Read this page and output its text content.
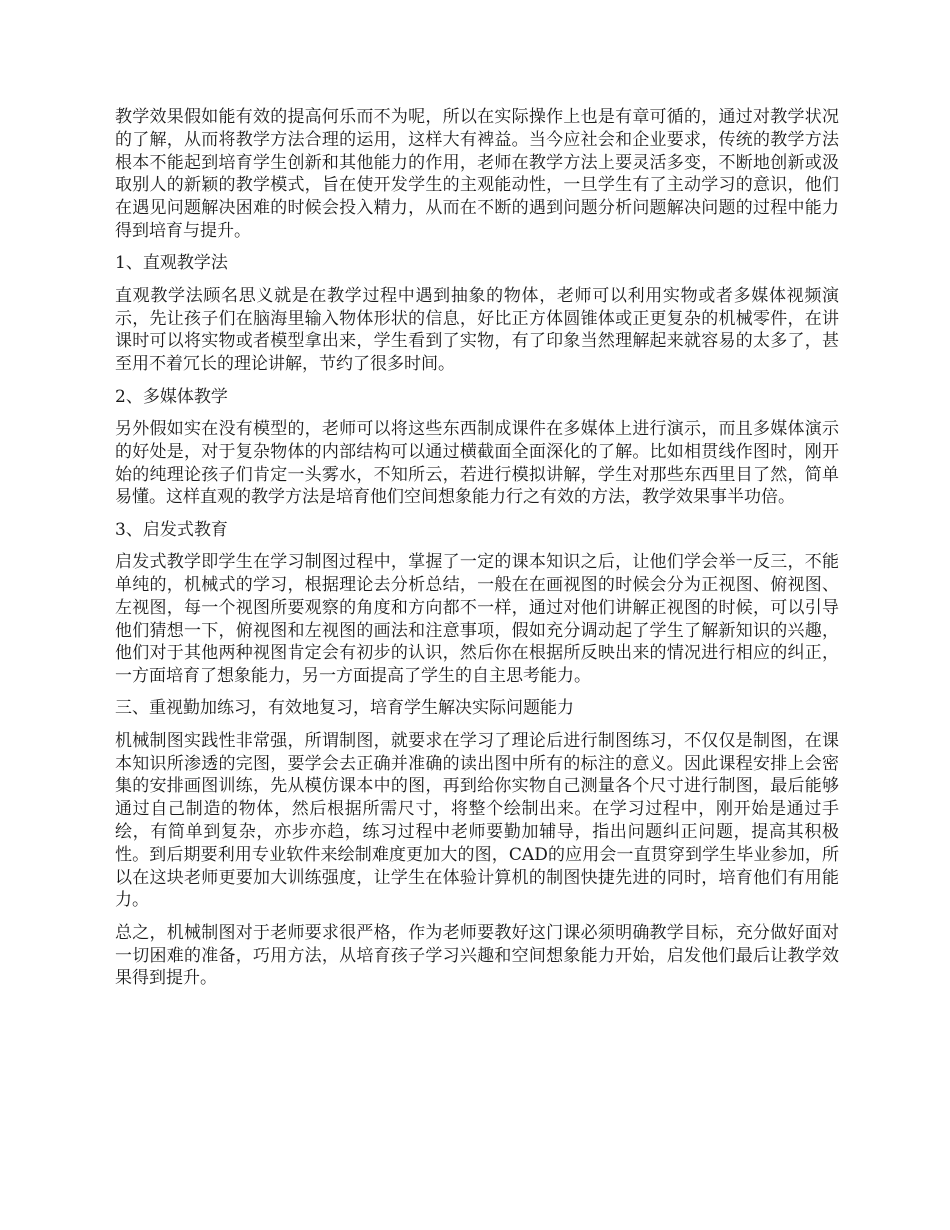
教学效果假如能有效的提高何乐而不为呢，所以在实际操作上也是有章可循的，通过对教学状况的了解，从而将教学方法合理的运用，这样大有裨益。当今应社会和企业要求，传统的教学方法根本不能起到培育学生创新和其他能力的作用，老师在教学方法上要灵活多变，不断地创新或汲取别人的新颖的教学模式，旨在使开发学生的主观能动性，一旦学生有了主动学习的意识，他们在遇见问题解决困难的时候会投入精力，从而在不断的遇到问题分析问题解决问题的过程中能力得到培育与提升。

1、直观教学法

直观教学法顾名思义就是在教学过程中遇到抽象的物体，老师可以利用实物或者多媒体视频演示，先让孩子们在脑海里输入物体形状的信息，好比正方体圆锥体或正更复杂的机械零件，在讲课时可以将实物或者模型拿出来，学生看到了实物，有了印象当然理解起来就容易的太多了，甚至用不着冗长的理论讲解，节约了很多时间。

2、多媒体教学

另外假如实在没有模型的，老师可以将这些东西制成课件在多媒体上进行演示，而且多媒体演示的好处是，对于复杂物体的内部结构可以通过横截面全面深化的了解。比如相贯线作图时，刚开始的纯理论孩子们肯定一头雾水，不知所云，若进行模拟讲解，学生对那些东西里目了然，简单易懂。这样直观的教学方法是培育他们空间想象能力行之有效的方法，教学效果事半功倍。

3、启发式教育

启发式教学即学生在学习制图过程中，掌握了一定的课本知识之后，让他们学会举一反三，不能单纯的，机械式的学习，根据理论去分析总结，一般在在画视图的时候会分为正视图、俯视图、左视图，每一个视图所要观察的角度和方向都不一样，通过对他们讲解正视图的时候，可以引导他们猜想一下，俯视图和左视图的画法和注意事项，假如充分调动起了学生了解新知识的兴趣，他们对于其他两种视图肯定会有初步的认识，然后你在根据所反映出来的情况进行相应的纠正，一方面培育了想象能力，另一方面提高了学生的自主思考能力。

三、重视勤加练习，有效地复习，培育学生解决实际问题能力

机械制图实践性非常强，所谓制图，就要求在学习了理论后进行制图练习，不仅仅是制图，在课本知识所渗透的完图，要学会去正确并准确的读出图中所有的标注的意义。因此课程安排上会密集的安排画图训练，先从模仿课本中的图，再到给你实物自己测量各个尺寸进行制图，最后能够通过自己制造的物体，然后根据所需尺寸，将整个绘制出来。在学习过程中，刚开始是通过手绘，有简单到复杂，亦步亦趋，练习过程中老师要勤加辅导，指出问题纠正问题，提高其积极性。到后期要利用专业软件来绘制难度更加大的图，CAD的应用会一直贯穿到学生毕业参加，所以在这块老师更要加大训练强度，让学生在体验计算机的制图快捷先进的同时，培育他们有用能力。

总之，机械制图对于老师要求很严格，作为老师要教好这门课必须明确教学目标，充分做好面对一切困难的准备，巧用方法，从培育孩子学习兴趣和空间想象能力开始，启发他们最后让教学效果得到提升。
